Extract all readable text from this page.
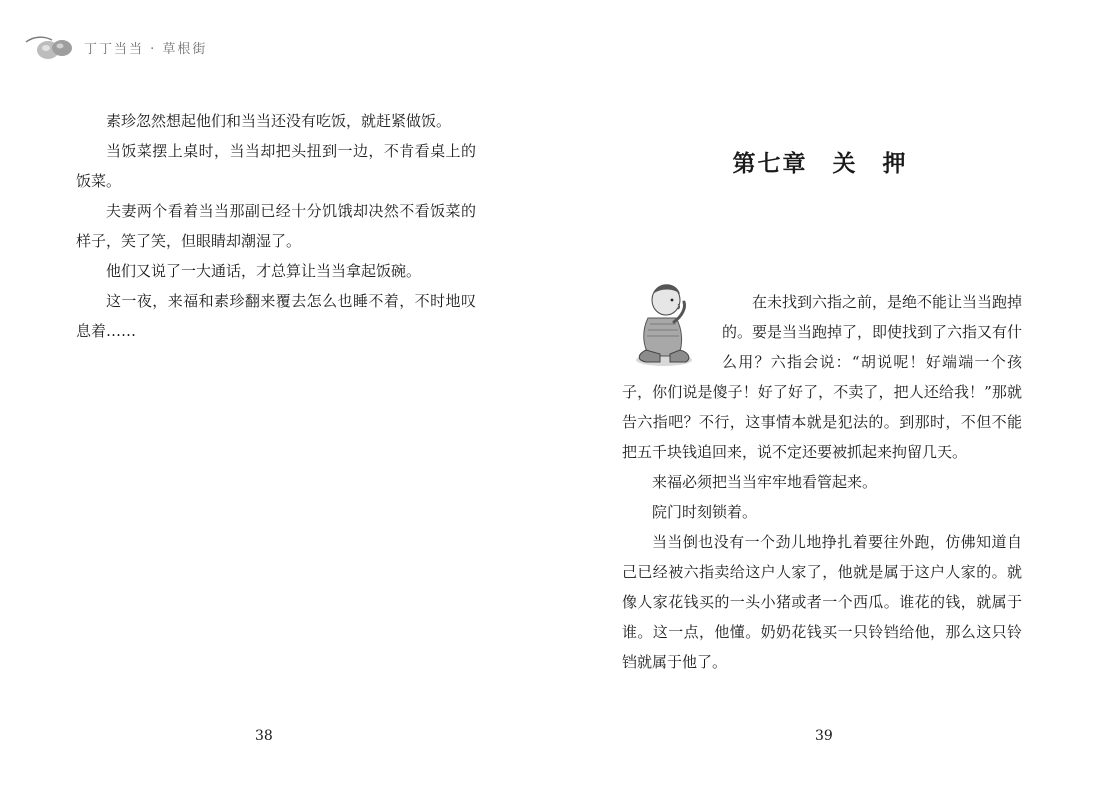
丁丁当当 · 草根街

素珍忽然想起他们和当当还没有吃饭，就赶紧做饭。

当饭菜摆上桌时，当当却把头扭到一边，不肯看桌上的饭菜。

夫妻两个看着当当那副已经十分饥饿却决然不看饭菜的样子，笑了笑，但眼睛却潮湿了。

他们又说了一大通话，才总算让当当拿起饭碗。

这一夜，来福和素珍翻来覆去怎么也睡不着，不时地叹息着……

38
第七章　关　押

在未找到六指之前，是绝不能让当当跑掉的。要是当当跑掉了，即使找到了六指又有什么用？六指会说：“胡说呢！好端端一个孩子，你们说是傻子！好了好了，不卖了，把人还给我！”那就告六指吧？不行，这事情本就是犯法的。到那时，不但不能把五千块钱追回来，说不定还要被抓起来拘留几天。

来福必须把当当牢牢地看管起来。

院门时刻锁着。

当当倒也没有一个劲儿地挣扎着要往外跑，仿佛知道自己已经被六指卖给这户人家了，他就是属于这户人家的。就像人家花钱买的一头小猪或者一个西瓜。谁花的钱，就属于谁。这一点，他懂。奶奶花钱买一只铃铛给他，那么这只铃铛就属于他了。

39
